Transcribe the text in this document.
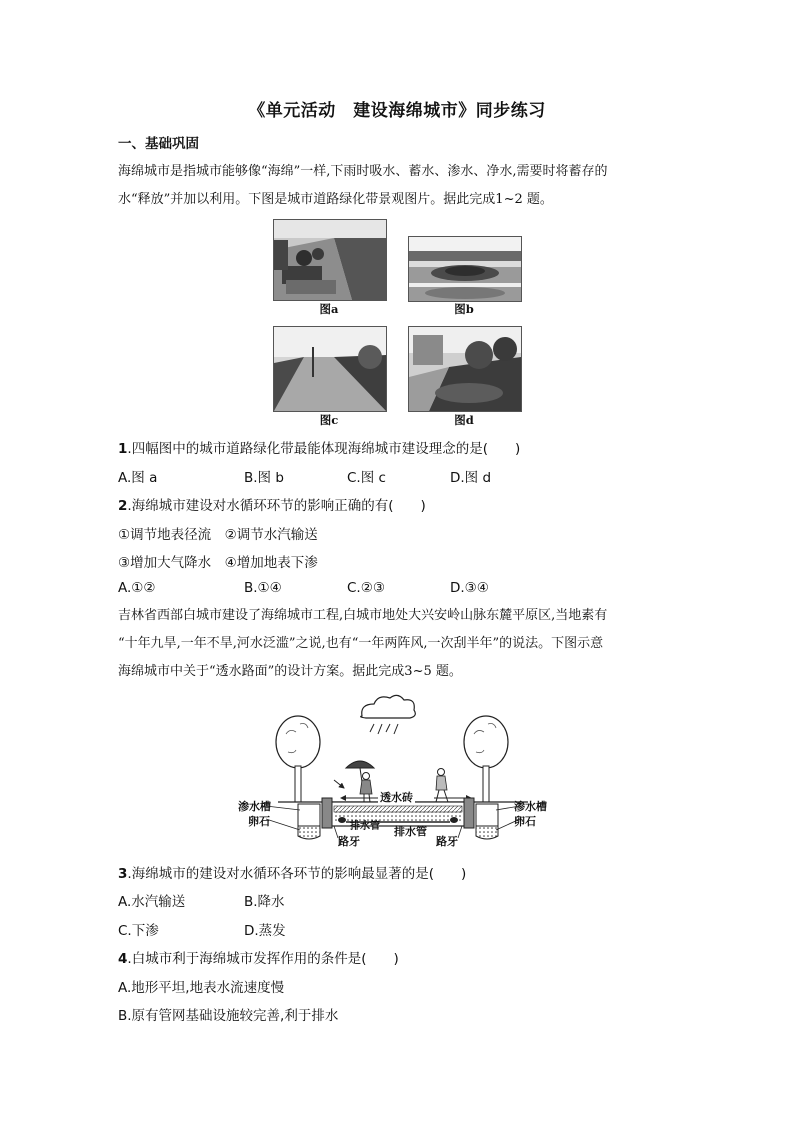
《单元活动　建设海绵城市》同步练习
一、基础巩固
海绵城市是指城市能够像“海绵”一样,下雨时吸水、蓄水、渗水、净水,需要时将蓄存的
水“释放”并加以利用。下图是城市道路绿化带景观图片。据此完成1~2 题。
图a	图b
图c	图d
1.四幅图中的城市道路绿化带最能体现海绵城市建设理念的是(　　)
A.图 a	B.图 b	C.图 c	D.图 d
2.海绵城市建设对水循环环节的影响正确的有(　　)
①调节地表径流　②调节水汽输送
③增加大气降水　④增加地表下渗
A.①②	B.①④	C.②③	D.③④
吉林省西部白城市建设了海绵城市工程,白城市地处大兴安岭山脉东麓平原区,当地素有
“十年九旱,一年不旱,河水泛滥”之说,也有“一年两阵风,一次刮半年”的说法。下图示意
海绵城市中关于“透水路面”的设计方案。据此完成3~5 题。
透水砖
渗水槽
卵石
渗水槽
卵石
排水管 排水管
路牙	路牙
3.海绵城市的建设对水循环各环节的影响最显著的是(　　)
A.水汽输送	B.降水
C.下渗	D.蒸发
4.白城市利于海绵城市发挥作用的条件是(　　)
A.地形平坦,地表水流速度慢
B.原有管网基础设施较完善,利于排水
